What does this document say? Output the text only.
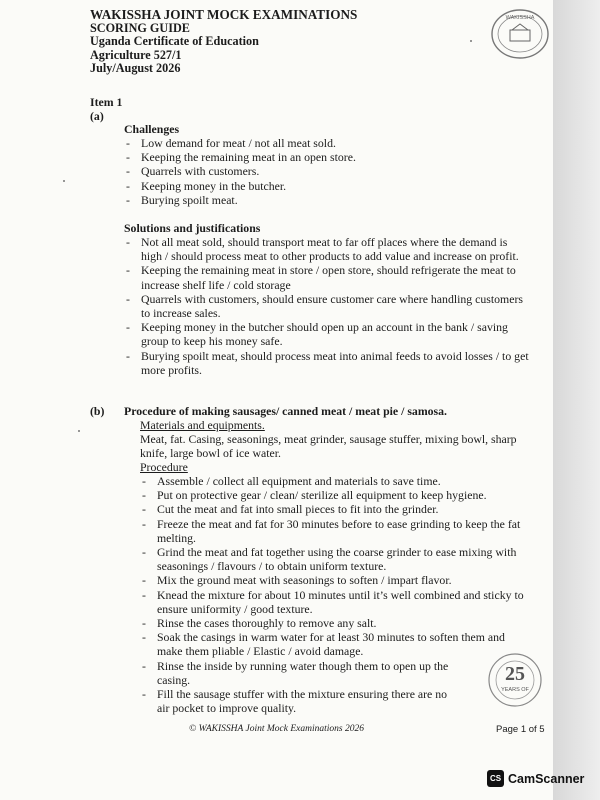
WAKISSHA
WAKISSHA JOINT MOCK EXAMINATIONS
SCORING GUIDE
Uganda Certificate of Education
Agriculture 527/1
July/August 2026
Item 1
(a)
Challenges
- Low demand for meat / not all meat sold.
- Keeping the remaining meat in an open store.
- Quarrels with customers.
- Keeping money in the butcher.
- Burying spoilt meat.
Solutions and justifications
- Not all meat sold, should transport meat to far off places where the demand is
high / should process meat to other products to add value and increase on profit.
- Keeping the remaining meat in store / open store, should refrigerate the meat to
increase shelf life / cold storage
- Quarrels with customers, should ensure customer care where handling customers
to increase sales.
- Keeping money in the butcher should open up an account in the bank / saving
group to keep his money safe.
- Burying spoilt meat, should process meat into animal feeds to avoid losses / to get
more profits.
(b) Procedure of making sausages/ canned meat / meat pie / samosa.
Materials and equipments.
Meat, fat. Casing, seasonings, meat grinder, sausage stuffer, mixing bowl, sharp
knife, large bowl of ice water.
Procedure
- Assemble / collect all equipment and materials to save time.
- Put on protective gear / clean/ sterilize all equipment to keep hygiene.
- Cut the meat and fat into small pieces to fit into the grinder.
- Freeze the meat and fat for 30 minutes before to ease grinding to keep the fat
melting.
- Grind the meat and fat together using the coarse grinder to ease mixing with
seasonings / flavours / to obtain uniform texture.
- Mix the ground meat with seasonings to soften / impart flavor.
- Knead the mixture for about 10 minutes until it’s well combined and sticky to
ensure uniformity / good texture.
- Rinse the cases thoroughly to remove any salt.
- Soak the casings in warm water for at least 30 minutes to soften them and
make them pliable / Elastic / avoid damage.
- Rinse the inside by running water though them to open up the
casing.
- Fill the sausage stuffer with the mixture ensuring there are no
air pocket to improve quality.
25
YEARS OF
© WAKISSHA Joint Mock Examinations 2026	Page 1 of 5
CS CamScanner
